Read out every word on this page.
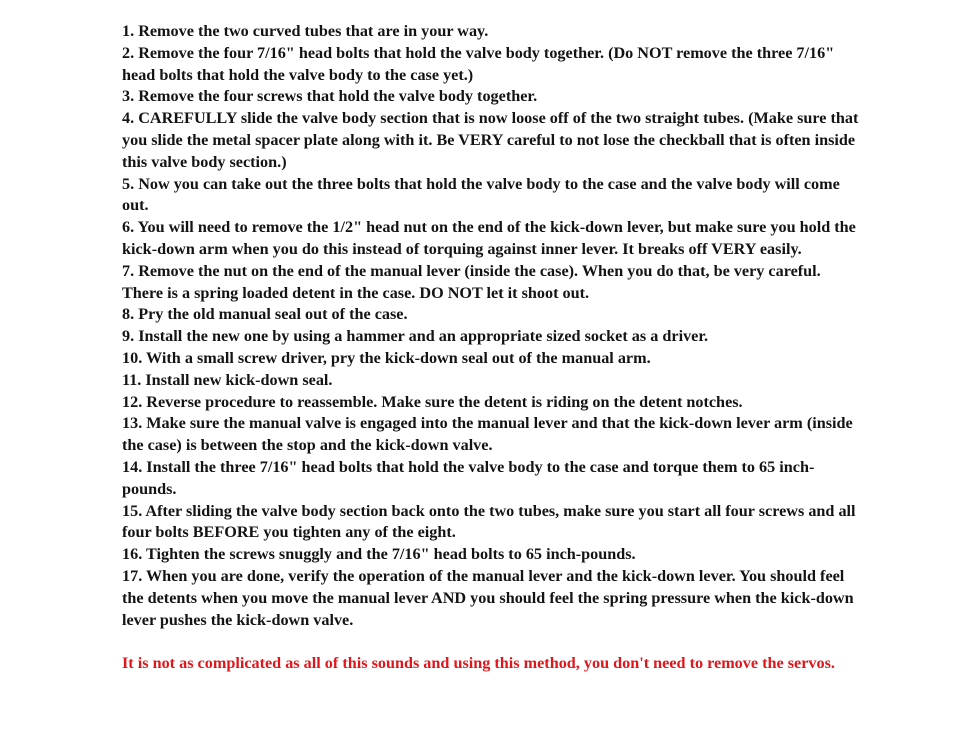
1. Remove the two curved tubes that are in your way.

2. Remove the four 7/16" head bolts that hold the valve body together. (Do NOT remove the three 7/16" head bolts that hold the valve body to the case yet.)

3. Remove the four screws that hold the valve body together.

4. CAREFULLY slide the valve body section that is now loose off of the two straight tubes. (Make sure that you slide the metal spacer plate along with it. Be VERY careful to not lose the checkball that is often inside this valve body section.)

5. Now you can take out the three bolts that hold the valve body to the case and the valve body will come out.

6. You will need to remove the 1/2" head nut on the end of the kick-down lever, but make sure you hold the kick-down arm when you do this instead of torquing against inner lever. It breaks off VERY easily.

7. Remove the nut on the end of the manual lever (inside the case). When you do that, be very careful. There is a spring loaded detent in the case. DO NOT let it shoot out.

8. Pry the old manual seal out of the case.

9. Install the new one by using a hammer and an appropriate sized socket as a driver.

10. With a small screw driver, pry the kick-down seal out of the manual arm.

11. Install new kick-down seal.

12. Reverse procedure to reassemble. Make sure the detent is riding on the detent notches.

13. Make sure the manual valve is engaged into the manual lever and that the kick-down lever arm (inside the case) is between the stop and the kick-down valve.

14. Install the three 7/16" head bolts that hold the valve body to the case and torque them to 65 inch-pounds.

15. After sliding the valve body section back onto the two tubes, make sure you start all four screws and all four bolts BEFORE you tighten any of the eight.

16. Tighten the screws snuggly and the 7/16" head bolts to 65 inch-pounds.

17. When you are done, verify the operation of the manual lever and the kick-down lever. You should feel the detents when you move the manual lever AND you should feel the spring pressure when the kick-down lever pushes the kick-down valve.

It is not as complicated as all of this sounds and using this method, you don't need to remove the servos.
